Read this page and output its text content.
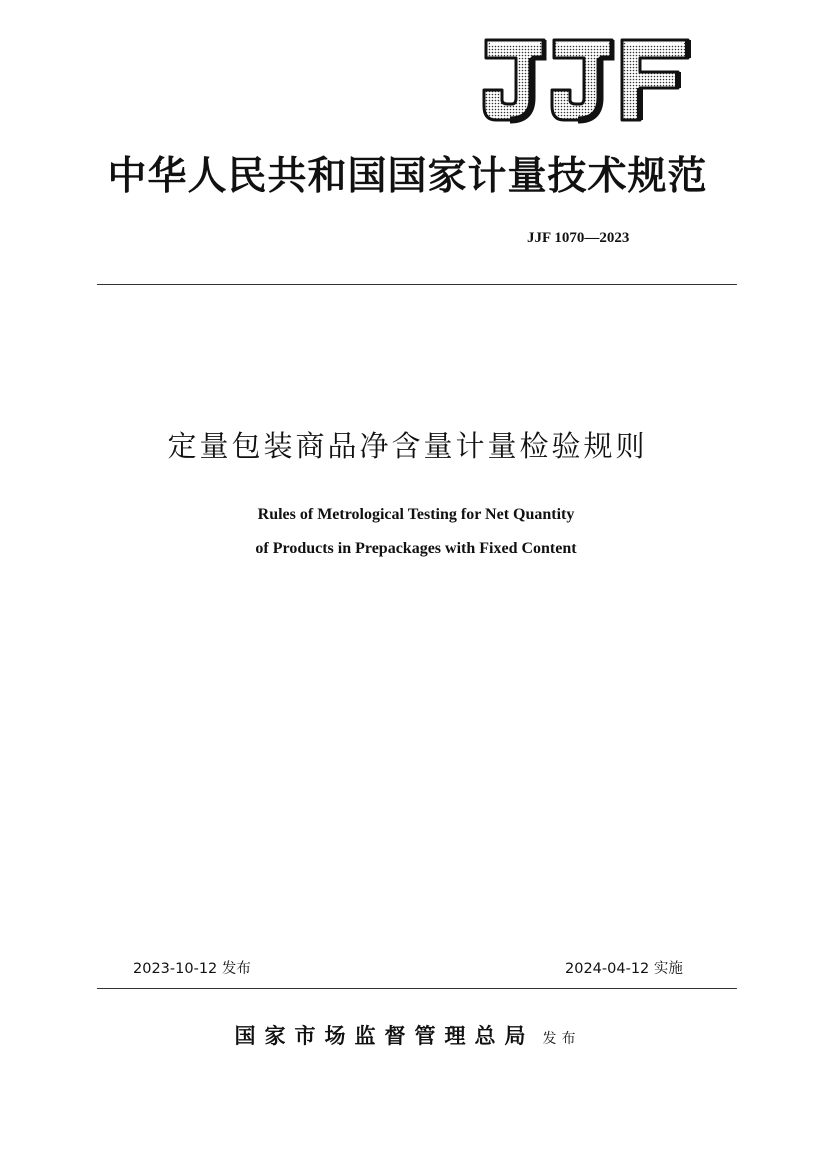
中华人民共和国国家计量技术规范
JJF 1070—2023
定量包装商品净含量计量检验规则
Rules of Metrological Testing for Net Quantity
of Products in Prepackages with Fixed Content
2023-10-12 发布	2024-04-12 实施
国家市场监督管理总局 发布
